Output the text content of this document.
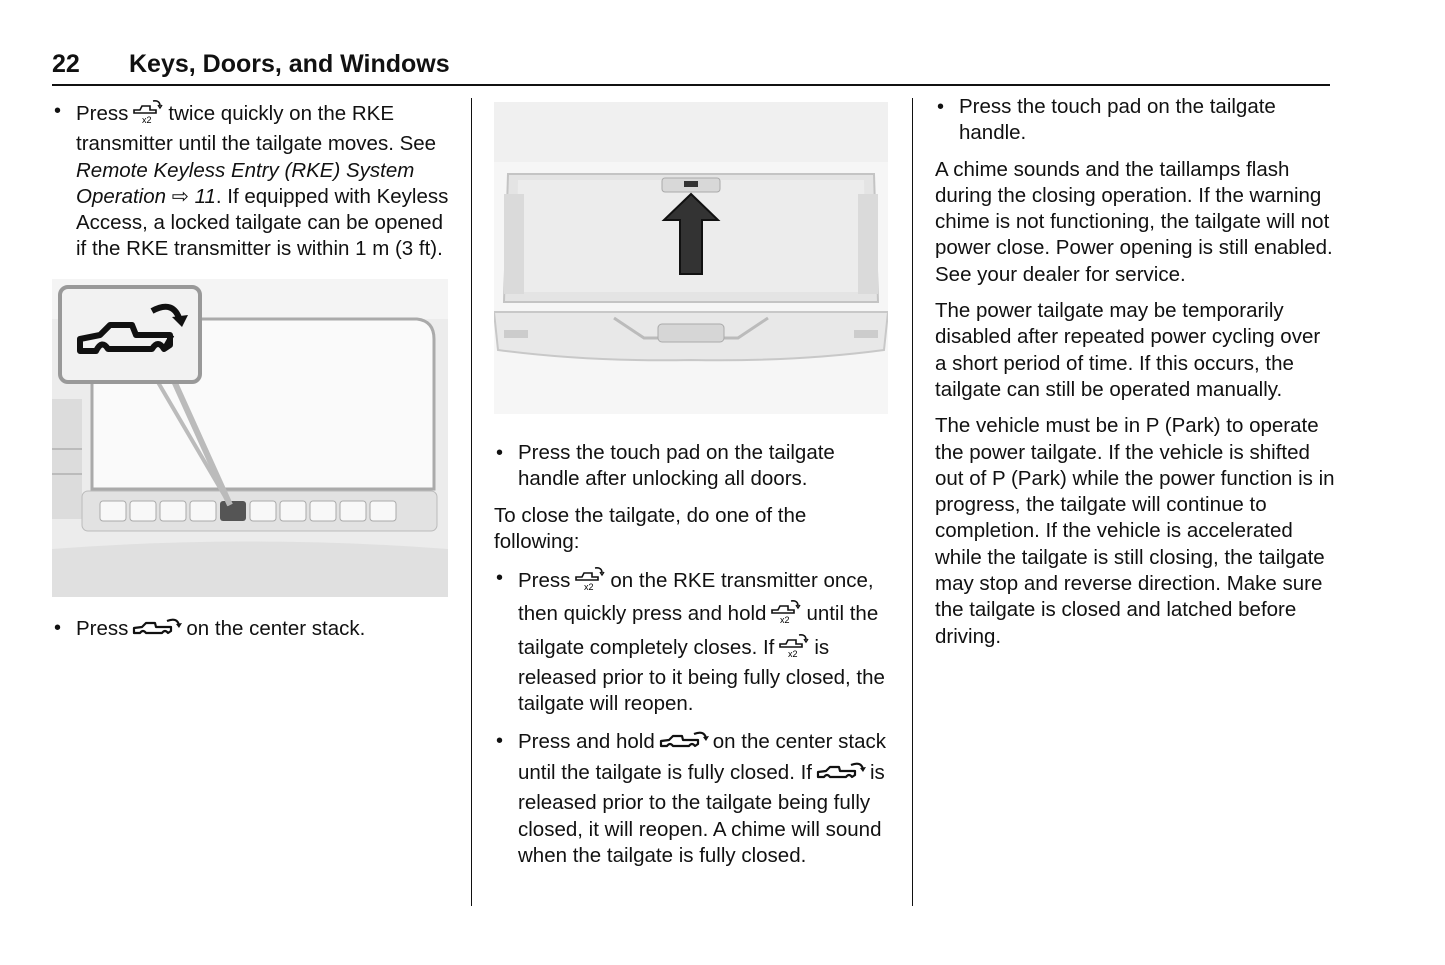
22 Keys, Doors, and Windows
• Press x2 twice quickly on the RKE transmitter until the tailgate moves. See Remote Keyless Entry (RKE) System Operation ⇨ 11. If equipped with Keyless Access, a locked tailgate can be opened if the RKE transmitter is within 1 m (3 ft).
• Press	on the center stack.
• Press the touch pad on the tailgate handle after unlocking all doors.

To close the tailgate, do one of the following:

• Press x2 on the RKE transmitter once, then quickly press and hold x2 until the tailgate completely closes. If x2 is released prior to it being fully closed, the tailgate will reopen.
• Press and hold	on the center stack until the tailgate is fully closed. If	is released prior to the tailgate being fully closed, it will reopen. A chime will sound when the tailgate is fully closed.
• Press the touch pad on the tailgate handle.

A chime sounds and the taillamps flash during the closing operation. If the warning chime is not functioning, the tailgate will not power close. Power opening is still enabled. See your dealer for service.

The power tailgate may be temporarily disabled after repeated power cycling over a short period of time. If this occurs, the tailgate can still be operated manually.

The vehicle must be in P (Park) to operate the power tailgate. If the vehicle is shifted out of P (Park) while the power function is in progress, the tailgate will continue to completion. If the vehicle is accelerated while the tailgate is still closing, the tailgate may stop and reverse direction. Make sure the tailgate is closed and latched before driving.
